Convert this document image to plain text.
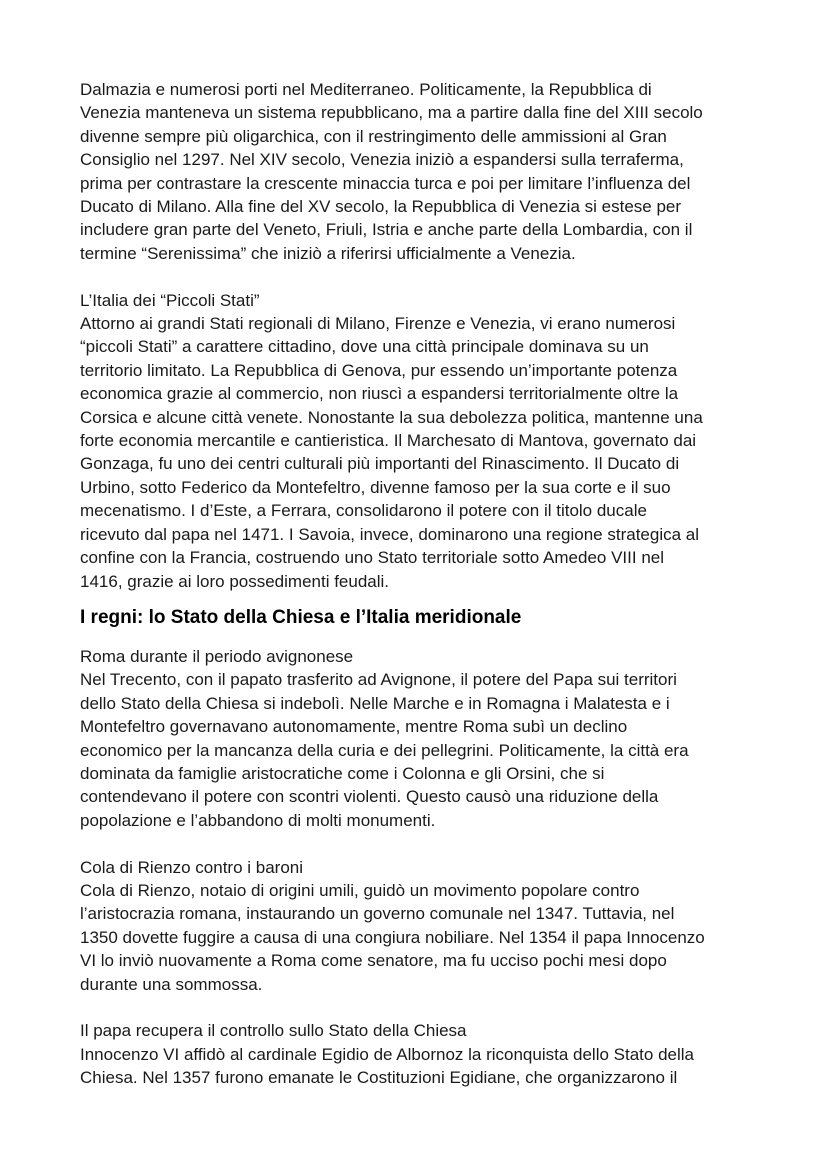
Dalmazia e numerosi porti nel Mediterraneo. Politicamente, la Repubblica di

Venezia manteneva un sistema repubblicano, ma a partire dalla fine del XIII secolo

divenne sempre più oligarchica, con il restringimento delle ammissioni al Gran

Consiglio nel 1297. Nel XIV secolo, Venezia iniziò a espandersi sulla terraferma,

prima per contrastare la crescente minaccia turca e poi per limitare l’influenza del

Ducato di Milano. Alla fine del XV secolo, la Repubblica di Venezia si estese per

includere gran parte del Veneto, Friuli, Istria e anche parte della Lombardia, con il

termine “Serenissima” che iniziò a riferirsi ufficialmente a Venezia.

L’Italia dei “Piccoli Stati”

Attorno ai grandi Stati regionali di Milano, Firenze e Venezia, vi erano numerosi

“piccoli Stati” a carattere cittadino, dove una città principale dominava su un

territorio limitato. La Repubblica di Genova, pur essendo un’importante potenza

economica grazie al commercio, non riuscì a espandersi territorialmente oltre la

Corsica e alcune città venete. Nonostante la sua debolezza politica, mantenne una

forte economia mercantile e cantieristica. Il Marchesato di Mantova, governato dai

Gonzaga, fu uno dei centri culturali più importanti del Rinascimento. Il Ducato di

Urbino, sotto Federico da Montefeltro, divenne famoso per la sua corte e il suo

mecenatismo. I d’Este, a Ferrara, consolidarono il potere con il titolo ducale

ricevuto dal papa nel 1471. I Savoia, invece, dominarono una regione strategica al

confine con la Francia, costruendo uno Stato territoriale sotto Amedeo VIII nel

1416, grazie ai loro possedimenti feudali.

I regni: lo Stato della Chiesa e l’Italia meridionale

Roma durante il periodo avignonese

Nel Trecento, con il papato trasferito ad Avignone, il potere del Papa sui territori

dello Stato della Chiesa si indebolì. Nelle Marche e in Romagna i Malatesta e i

Montefeltro governavano autonomamente, mentre Roma subì un declino

economico per la mancanza della curia e dei pellegrini. Politicamente, la città era

dominata da famiglie aristocratiche come i Colonna e gli Orsini, che si

contendevano il potere con scontri violenti. Questo causò una riduzione della

popolazione e l’abbandono di molti monumenti.

Cola di Rienzo contro i baroni

Cola di Rienzo, notaio di origini umili, guidò un movimento popolare contro

l’aristocrazia romana, instaurando un governo comunale nel 1347. Tuttavia, nel

1350 dovette fuggire a causa di una congiura nobiliare. Nel 1354 il papa Innocenzo

VI lo inviò nuovamente a Roma come senatore, ma fu ucciso pochi mesi dopo

durante una sommossa.

Il papa recupera il controllo sullo Stato della Chiesa

Innocenzo VI affidò al cardinale Egidio de Albornoz la riconquista dello Stato della

Chiesa. Nel 1357 furono emanate le Costituzioni Egidiane, che organizzarono il
